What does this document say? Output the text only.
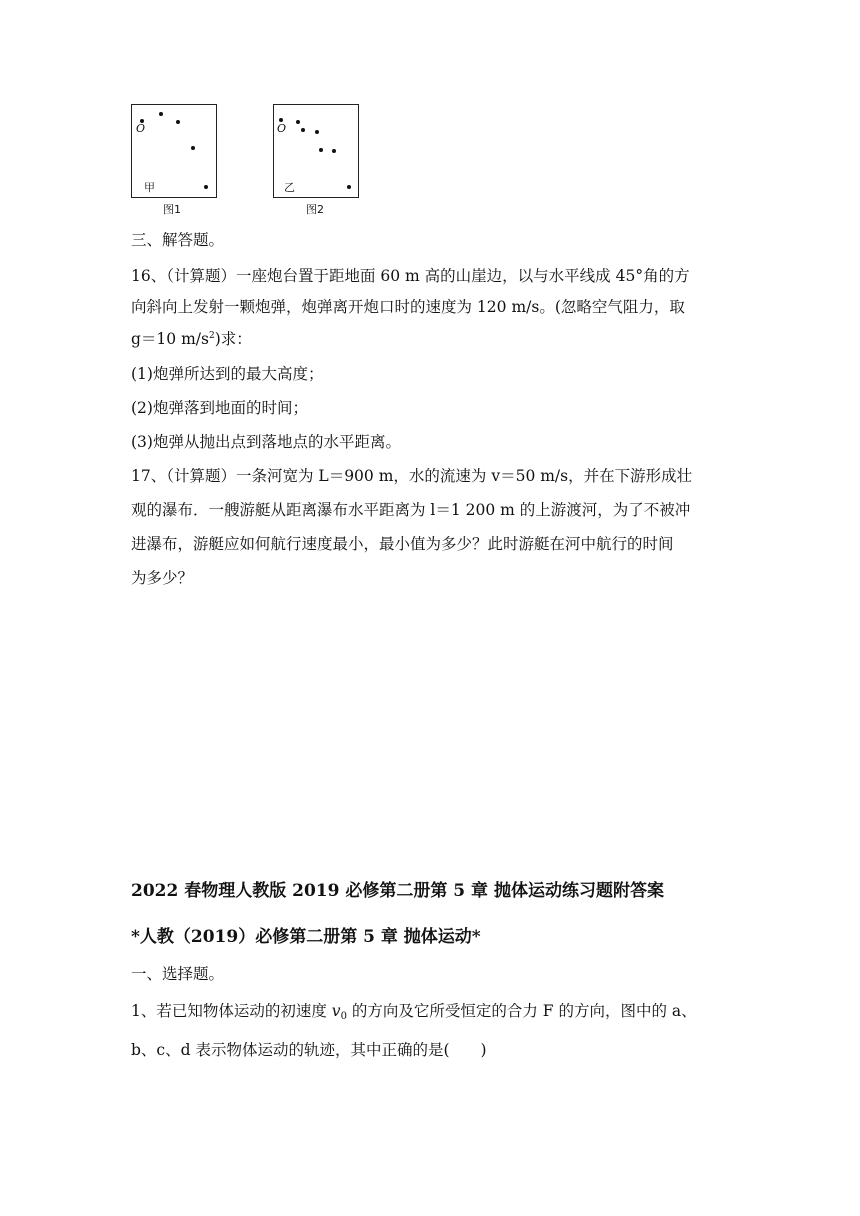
O
甲
图1
O
乙
图2
三、解答题。
16、（计算题）一座炮台置于距地面 60 m 高的山崖边，以与水平线成 45°角的方
向斜向上发射一颗炮弹，炮弹离开炮口时的速度为 120 m/s。(忽略空气阻力，取
g＝10 $m/s^2$)求：
(1)炮弹所达到的最大高度；
(2)炮弹落到地面的时间；
(3)炮弹从抛出点到落地点的水平距离。
17、（计算题）一条河宽为 L＝900 m，水的流速为 v＝50 m/s，并在下游形成壮
观的瀑布．一艘游艇从距离瀑布水平距离为 l＝1 200 m 的上游渡河，为了不被冲
进瀑布，游艇应如何航行速度最小，最小值为多少？此时游艇在河中航行的时间
为多少？
2022 春物理人教版 2019 必修第二册第 5 章 抛体运动练习题附答案
*人教（2019）必修第二册第 5 章 抛体运动*
一、选择题。
1、若已知物体运动的初速度 $v_0$ 的方向及它所受恒定的合力 F 的方向，图中的 a、
b、c、d 表示物体运动的轨迹，其中正确的是(　　)
